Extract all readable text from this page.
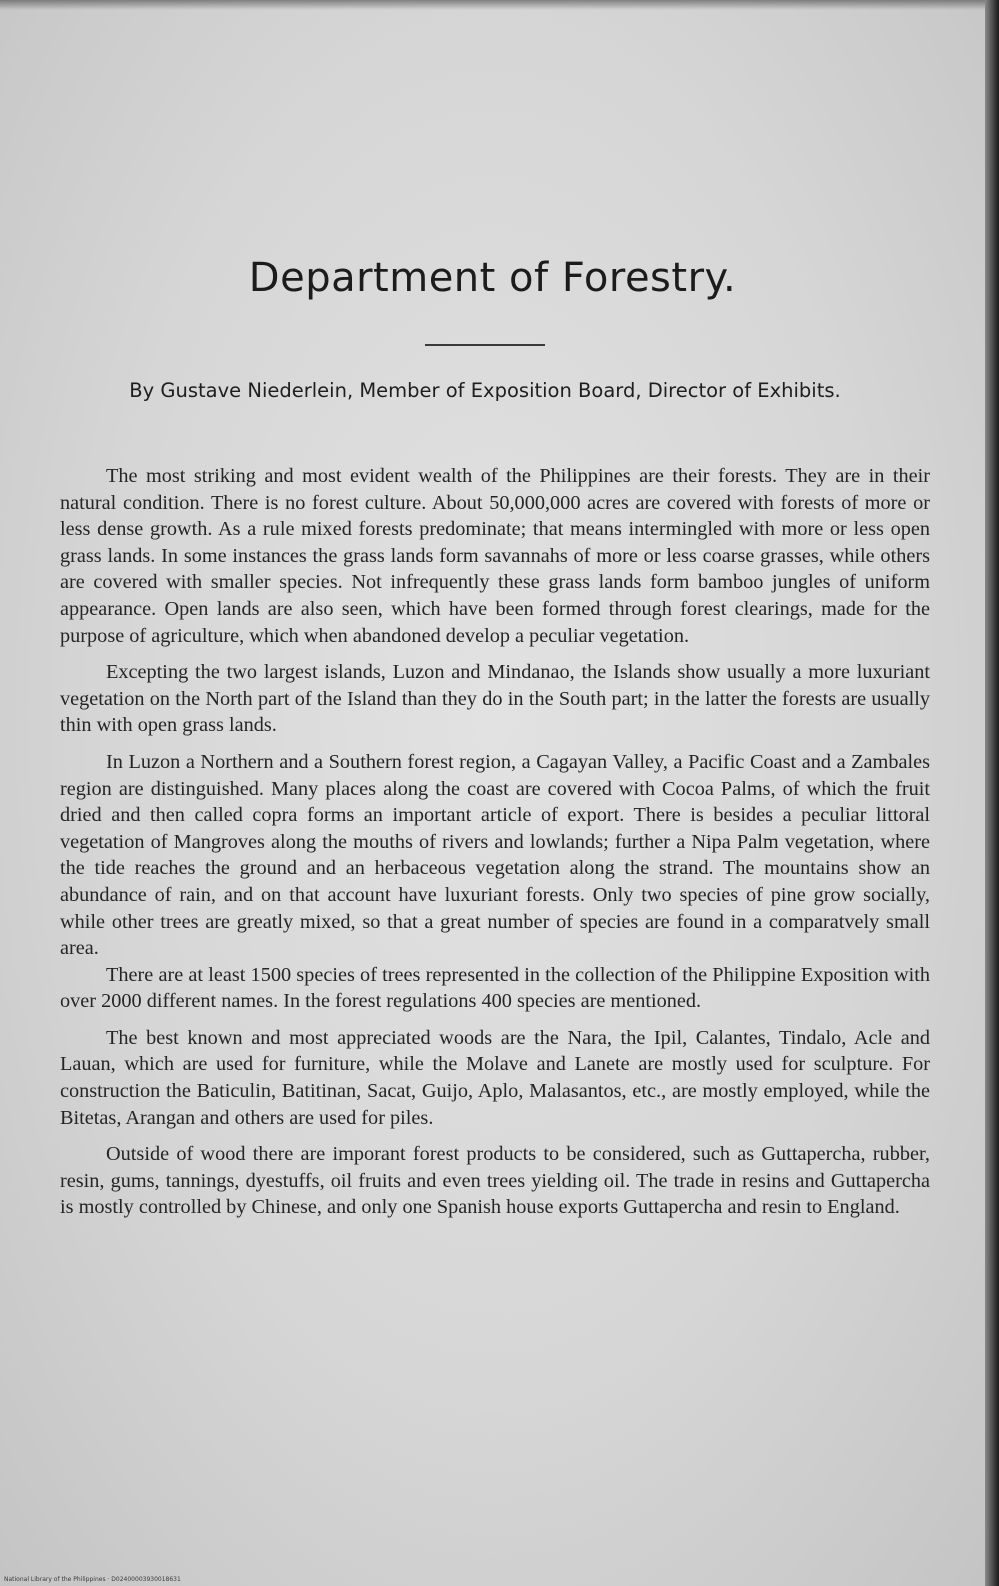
Department of Forestry.
By Gustave Niederlein, Member of Exposition Board, Director of Exhibits.

The most striking and most evident wealth of the Philippines are their forests. They are in their natural condition. There is no forest culture. About 50,000,000 acres are covered with forests of more or less dense growth. As a rule mixed forests predominate; that means intermingled with more or less open grass lands. In some instances the grass lands form savannahs of more or less coarse grasses, while others are covered with smaller species. Not infrequently these grass lands form bamboo jungles of uniform appearance. Open lands are also seen, which have been formed through forest clearings, made for the purpose of agriculture, which when abandoned develop a peculiar vegetation.

Excepting the two largest islands, Luzon and Mindanao, the Islands show usually a more luxuriant vegetation on the North part of the Island than they do in the South part; in the latter the forests are usually thin with open grass lands.

In Luzon a Northern and a Southern forest region, a Cagayan Valley, a Pacific Coast and a Zambales region are distinguished. Many places along the coast are covered with Cocoa Palms, of which the fruit dried and then called copra forms an important article of export. There is besides a peculiar littoral vegetation of Mangroves along the mouths of rivers and lowlands; further a Nipa Palm vegetation, where the tide reaches the ground and an herbaceous vegetation along the strand. The mountains show an abundance of rain, and on that account have luxuriant forests. Only two species of pine grow socially, while other trees are greatly mixed, so that a great number of species are found in a comparatvely small area.

There are at least 1500 species of trees represented in the collection of the Philippine Exposition with over 2000 different names. In the forest regulations 400 species are mentioned.

The best known and most appreciated woods are the Nara, the Ipil, Calantes, Tindalo, Acle and Lauan, which are used for furniture, while the Molave and Lanete are mostly used for sculpture. For construction the Baticulin, Batitinan, Sacat, Guijo, Aplo, Malasantos, etc., are mostly employed, while the Bitetas, Arangan and others are used for piles.

Outside of wood there are imporant forest products to be considered, such as Guttapercha, rubber, resin, gums, tannings, dyestuffs, oil fruits and even trees yielding oil. The trade in resins and Guttapercha is mostly controlled by Chinese, and only one Spanish house exports Guttapercha and resin to England.

National Library of the Philippines · D02400003930018631
